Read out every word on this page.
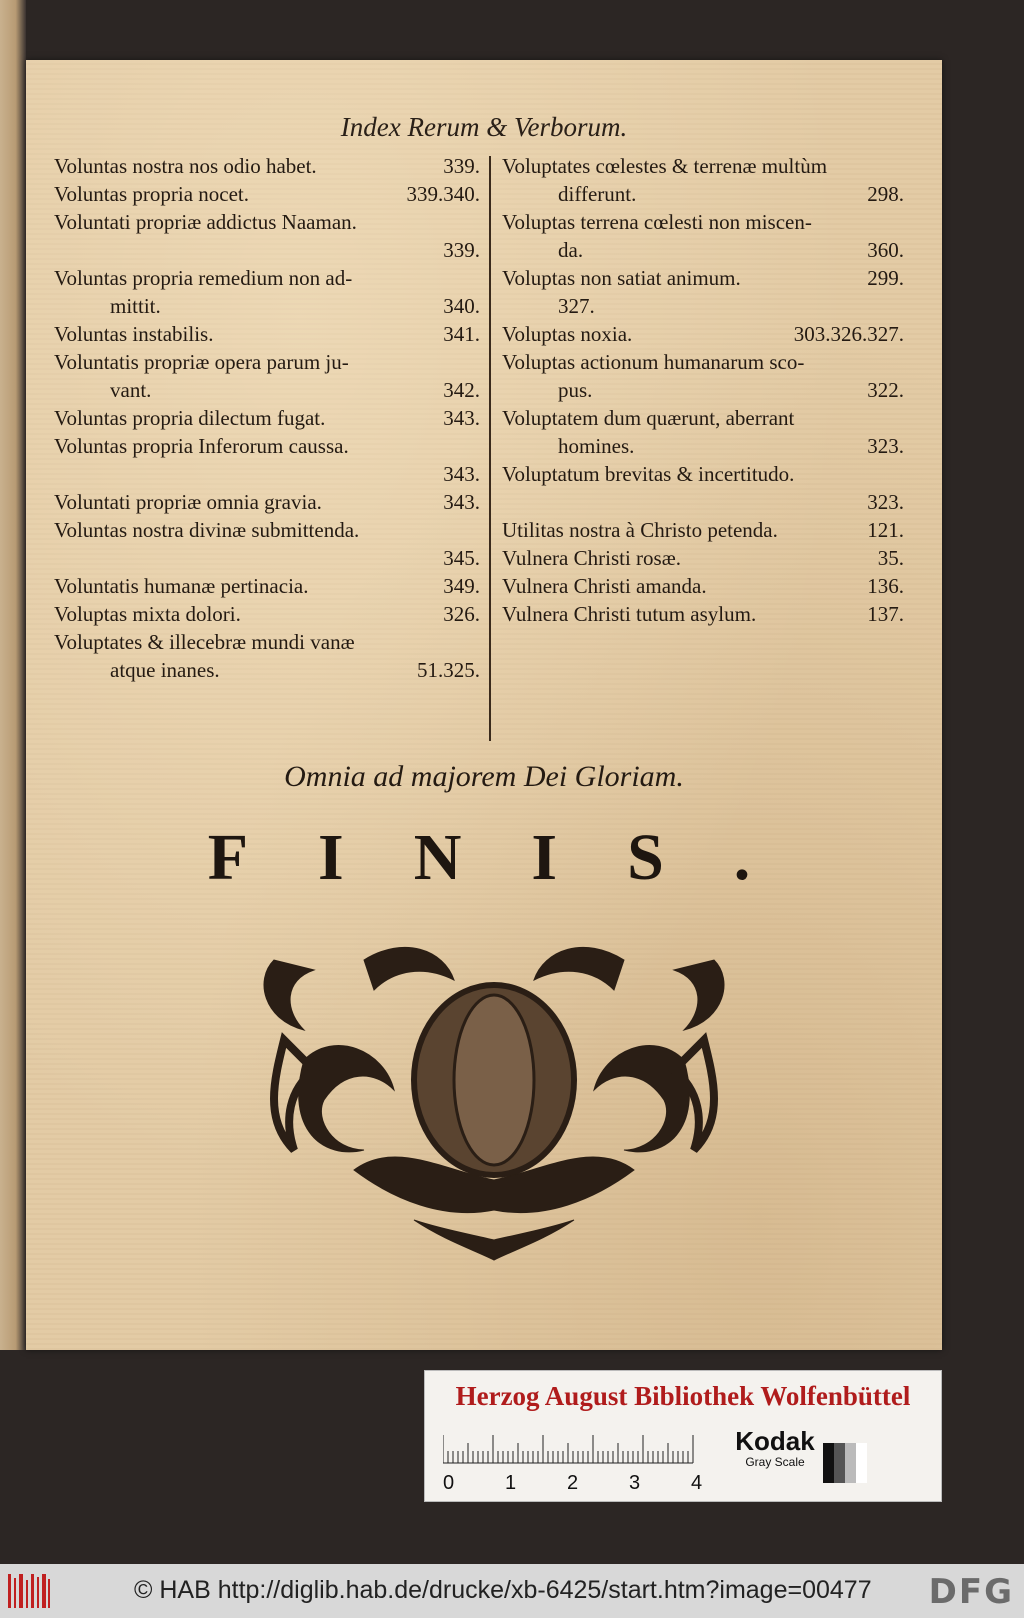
Index Rerum & Verborum.
Voluntas nostra nos odio habet.	339.
Voluntas propria nocet.	339.340.
Voluntati propriæ addictus Naaman.
339.
Voluntas propria remedium non ad-
mittit.	340.
Voluntas instabilis.	341.
Voluntatis propriæ opera parum ju-
vant.	342.
Voluntas propria dilectum fugat.	343.
Voluntas propria Inferorum caussa.
343.
Voluntati propriæ omnia gravia.	343.
Voluntas nostra divinæ submittenda.
345.
Voluntatis humanæ pertinacia.	349.
Voluptas mixta dolori.	326.
Voluptates & illecebræ mundi vanæ
atque inanes.	51.325.
Voluptates cœlestes & terrenæ multùm
differunt.	298.
Voluptas terrena cœlesti non miscen-
da.	360.
Voluptas non satiat animum.	299.
327.
Voluptas noxia.	303.326.327.
Voluptas actionum humanarum sco-
pus.	322.
Voluptatem dum quærunt, aberrant
homines.	323.
Voluptatum brevitas & incertitudo.
323.
Utilitas nostra à Christo petenda.	121.
Vulnera Christi rosæ.	35.
Vulnera Christi amanda.	136.
Vulnera Christi tutum asylum.	137.
Omnia ad majorem Dei Gloriam.
FINIS.
Herzog August Bibliothek Wolfenbüttel
0	1	2	3	4
Kodak
Gray Scale
© HAB http://diglib.hab.de/drucke/xb-6425/start.htm?image=00477 DFG
